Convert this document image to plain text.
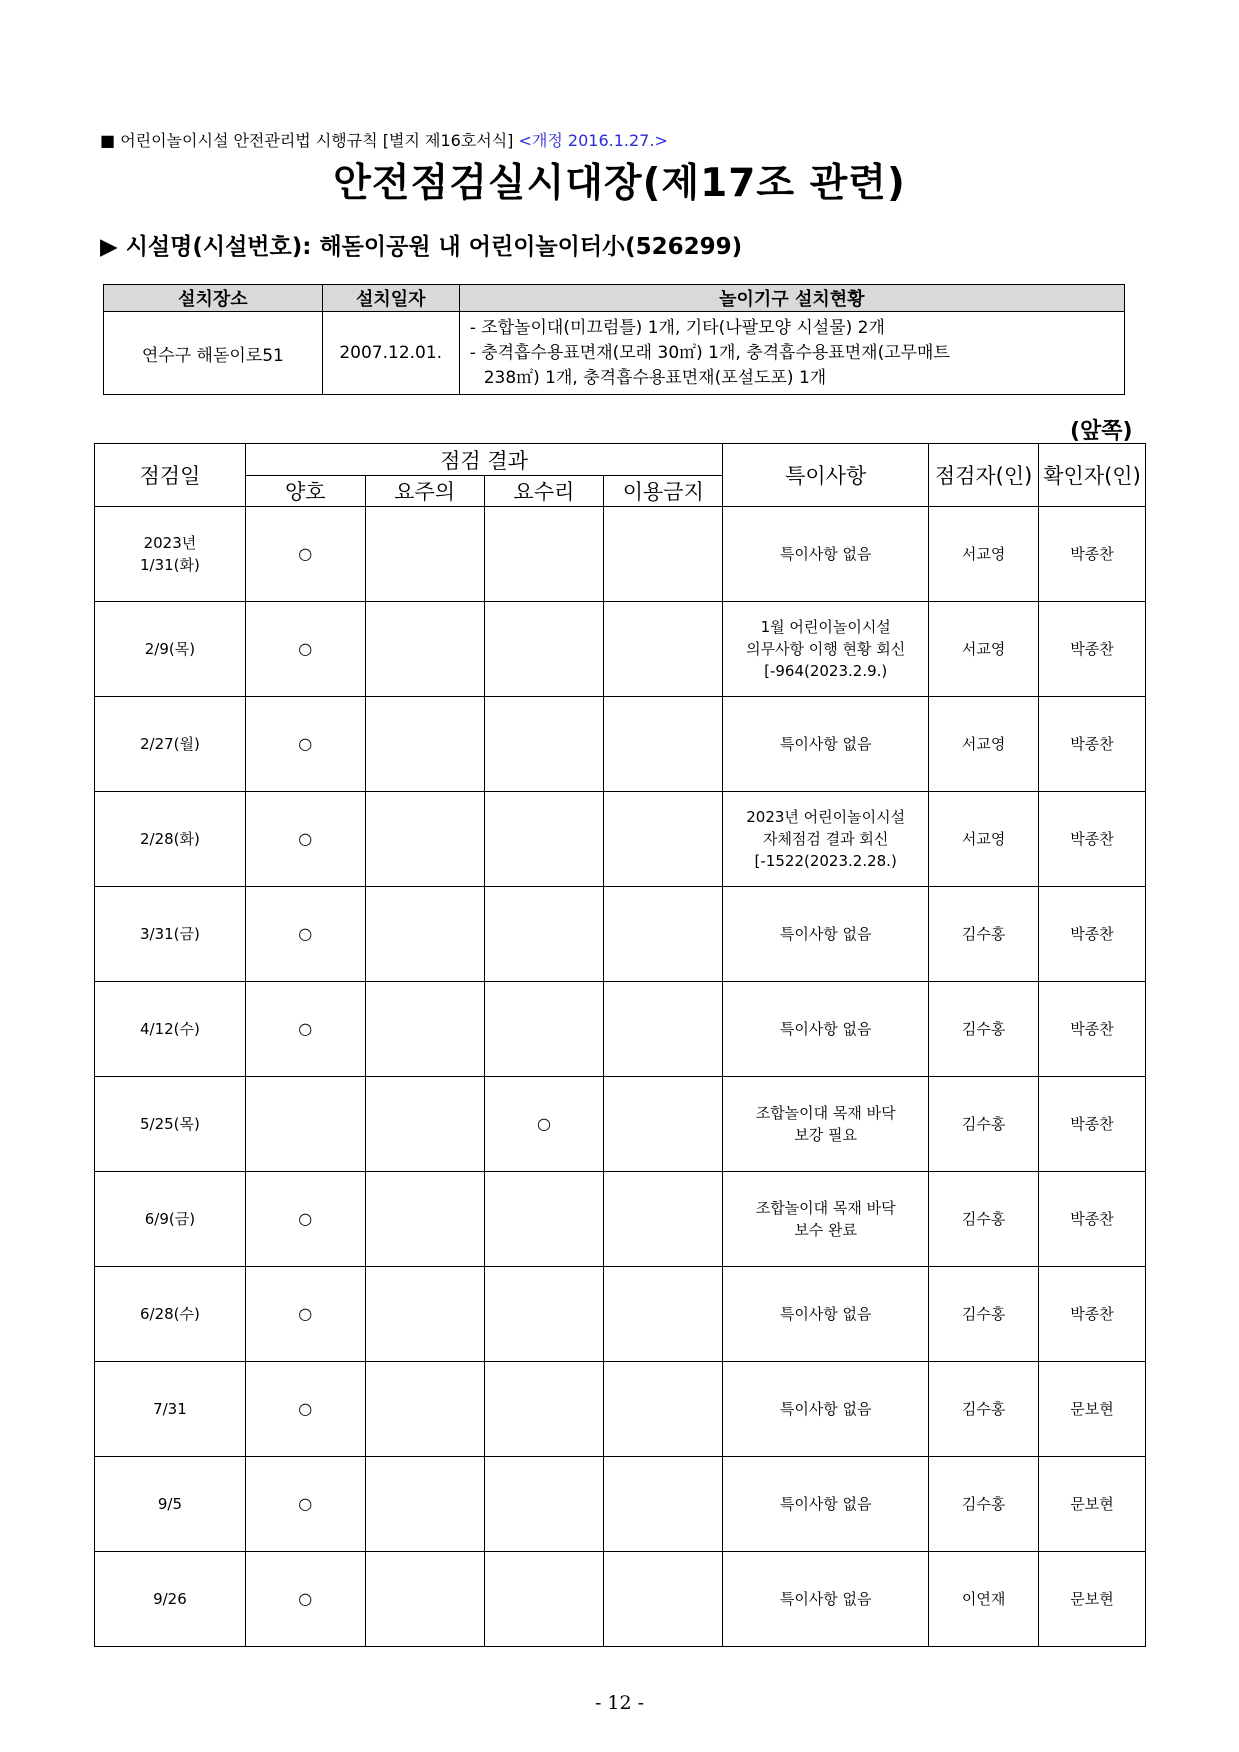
■ 어린이놀이시설 안전관리법 시행규칙 [별지 제16호서식] <개정 2016.1.27.>
안전점검실시대장(제17조 관련)
▶ 시설명(시설번호): 해돋이공원 내 어린이놀이터小(526299)
설치장소	설치일자	놀이기구 설치현황
연수구 해돋이로51	2007.12.01.	- 조합놀이대(미끄럼틀) 1개, 기타(나팔모양 시설물) 2개
- 충격흡수용표면재(모래 30㎡) 1개, 충격흡수용표면재(고무매트
238㎡) 1개, 충격흡수용표면재(포설도포) 1개
(앞쪽)
점검일	점검 결과				특이사항	점검자(인)	확인자(인)
	양호	요주의	요수리	이용금지			
2023년
1/31(화)	○				특이사항 없음	서교영	박종찬
2/9(목)	○				1월 어린이놀이시설
의무사항 이행 현황 회신
[-964(2023.2.9.)	서교영	박종찬
2/27(월)	○				특이사항 없음	서교영	박종찬
2/28(화)	○				2023년 어린이놀이시설
자체점검 결과 회신
[-1522(2023.2.28.)	서교영	박종찬
3/31(금)	○				특이사항 없음	김수홍	박종찬
4/12(수)	○				특이사항 없음	김수홍	박종찬
5/25(목)			○		조합놀이대 목재 바닥
보강 필요	김수홍	박종찬
6/9(금)	○				조합놀이대 목재 바닥
보수 완료	김수홍	박종찬
6/28(수)	○				특이사항 없음	김수홍	박종찬
7/31	○				특이사항 없음	김수홍	문보현
9/5	○				특이사항 없음	김수홍	문보현
9/26	○				특이사항 없음	이연재	문보현
- 12 -
